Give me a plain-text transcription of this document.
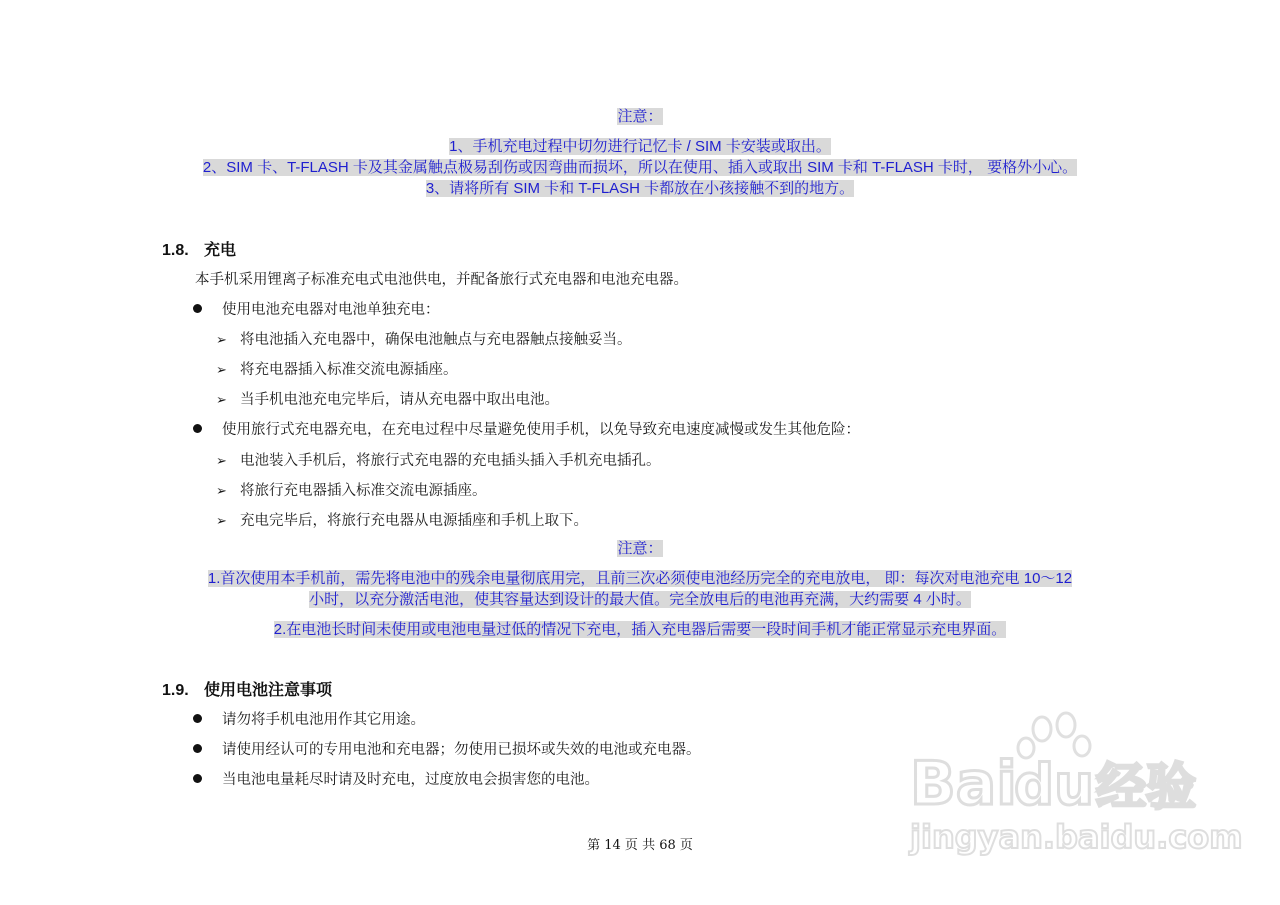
注意：
1、手机充电过程中切勿进行记忆卡 / SIM 卡安装或取出。
2、SIM 卡、T-FLASH 卡及其金属触点极易刮伤或因弯曲而损坏，所以在使用、插入或取出 SIM 卡和 T-FLASH 卡时， 要格外小心。
3、请将所有 SIM 卡和 T-FLASH 卡都放在小孩接触不到的地方。
1.8. 充电
本手机采用锂离子标准充电式电池供电，并配备旅行式充电器和电池充电器。
使用电池充电器对电池单独充电：
➢ 将电池插入充电器中，确保电池触点与充电器触点接触妥当。
➢ 将充电器插入标准交流电源插座。
➢ 当手机电池充电完毕后，请从充电器中取出电池。
使用旅行式充电器充电，在充电过程中尽量避免使用手机，以免导致充电速度减慢或发生其他危险：
➢ 电池装入手机后，将旅行式充电器的充电插头插入手机充电插孔。
➢ 将旅行充电器插入标准交流电源插座。
➢ 充电完毕后，将旅行充电器从电源插座和手机上取下。
注意：
1.首次使用本手机前，需先将电池中的残余电量彻底用完，且前三次必须使电池经历完全的充电放电， 即：每次对电池充电 10～12
小时，以充分激活电池，使其容量达到设计的最大值。完全放电后的电池再充满，大约需要 4 小时。
2.在电池长时间未使用或电池电量过低的情况下充电，插入充电器后需要一段时间手机才能正常显示充电界面。
1.9. 使用电池注意事项
请勿将手机电池用作其它用途。
请使用经认可的专用电池和充电器；勿使用已损坏或失效的电池或充电器。
当电池电量耗尽时请及时充电，过度放电会损害您的电池。
第 14 页 共 68 页
Bai
du 经验
jingyan.baidu.com
